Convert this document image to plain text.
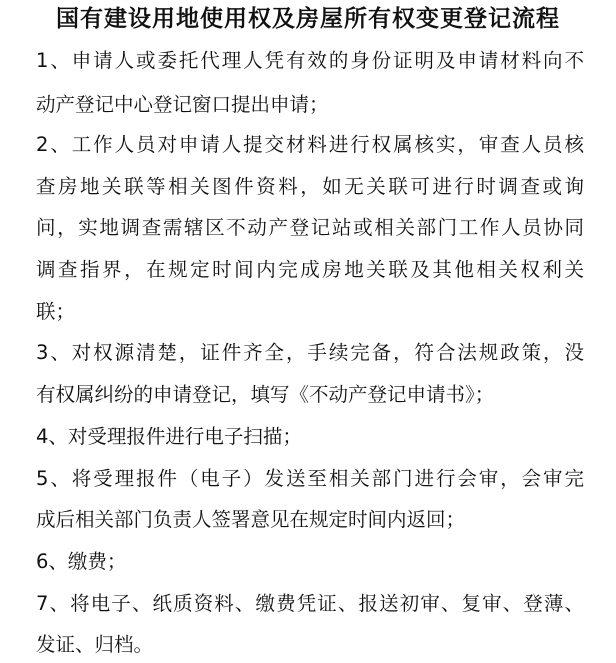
国有建设用地使用权及房屋所有权变更登记流程
1、申请人或委托代理人凭有效的身份证明及申请材料向不
动产登记中心登记窗口提出申请；
2、工作人员对申请人提交材料进行权属核实，审查人员核
查房地关联等相关图件资料，如无关联可进行时调查或询
问，实地调查需辖区不动产登记站或相关部门工作人员协同
调查指界，在规定时间内完成房地关联及其他相关权利关
联；
3、对权源清楚，证件齐全，手续完备，符合法规政策，没
有权属纠纷的申请登记，填写《不动产登记申请书》；
4、对受理报件进行电子扫描；
5、将受理报件（电子）发送至相关部门进行会审，会审完
成后相关部门负责人签署意见在规定时间内返回；
6、缴费；
7、将电子、纸质资料、缴费凭证、报送初审、复审、登薄、
发证、归档。
